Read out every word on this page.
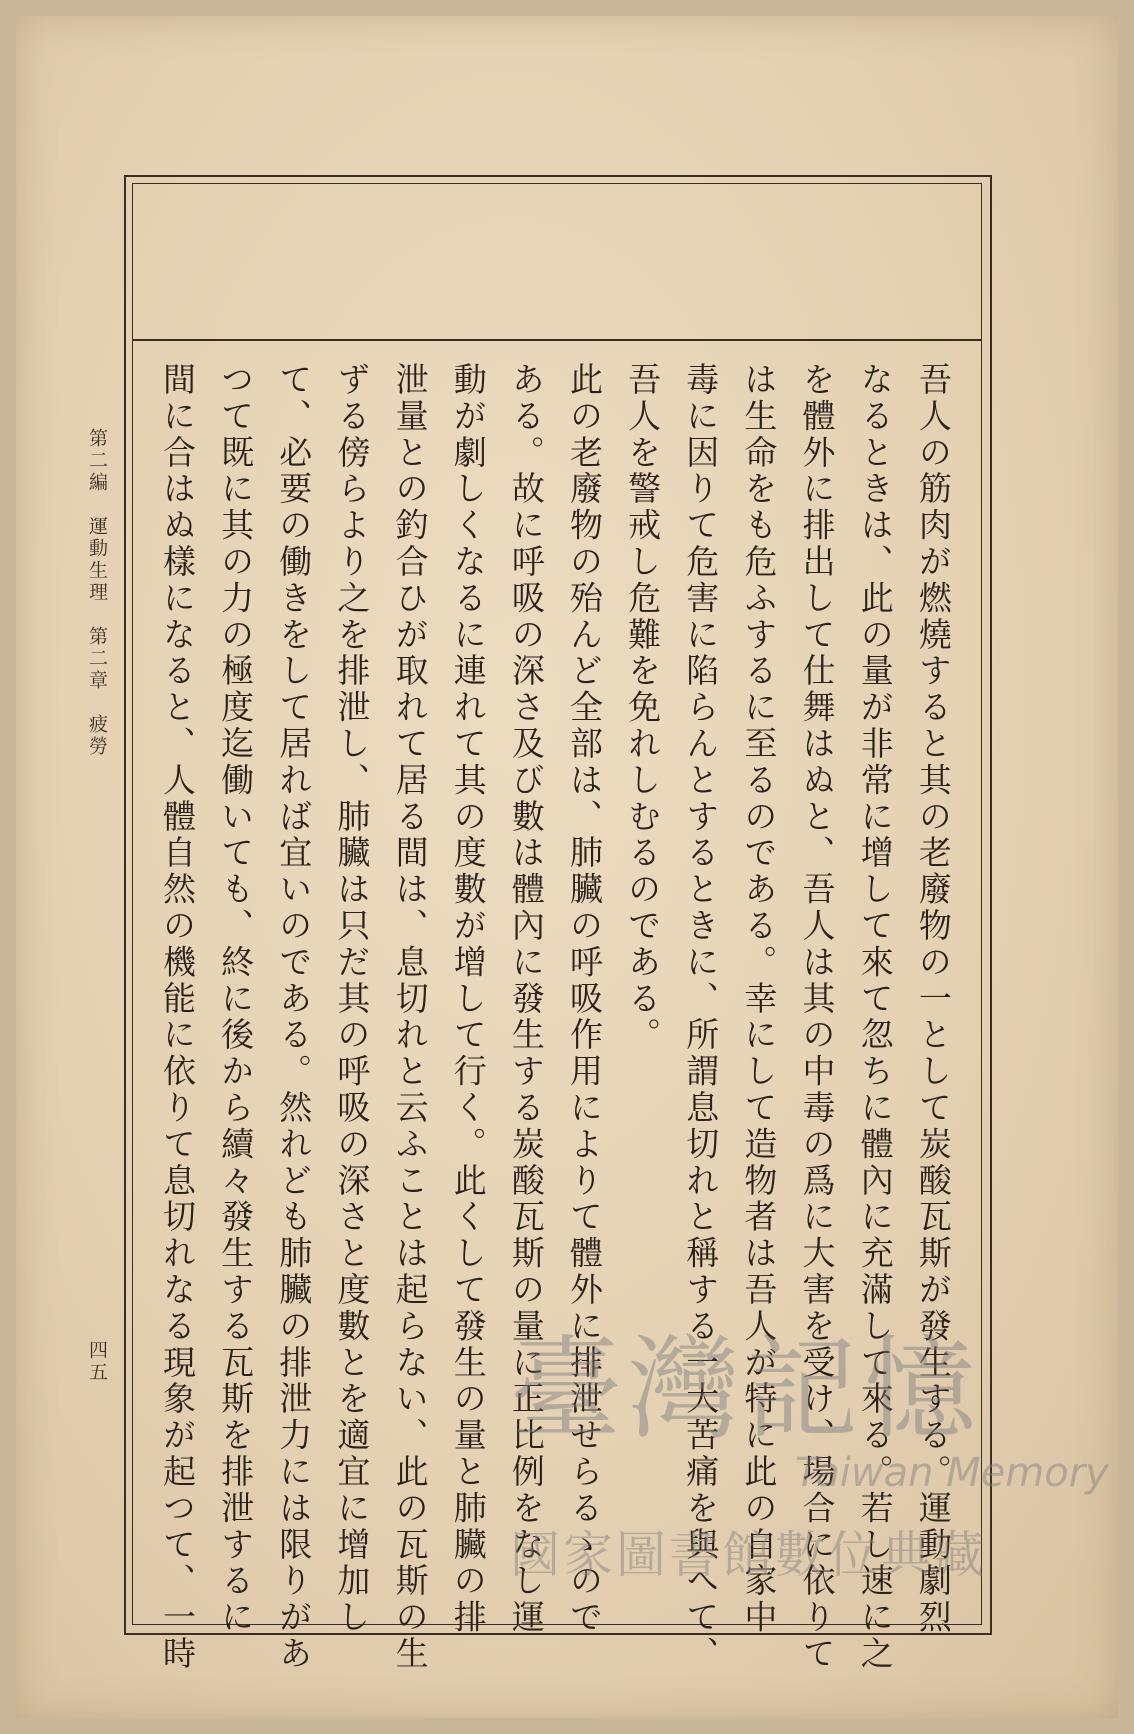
吾人の筋肉が燃燒すると其の老廢物の一として炭酸瓦斯が發生する。運動劇烈
なるときは、此の量が非常に增して來て忽ちに體內に充滿して來る。若し速に之
を體外に排出して仕舞はぬと、吾人は其の中毒の爲に大害を受け、場合に依りて
は生命をも危ふするに至るのである。幸にして造物者は吾人が特に此の自家中
毒に因りて危害に陷らんとするときに、所謂息切れと稱する一大苦痛を與へて、
吾人を警戒し危難を免れしむるのである。
此の老廢物の殆んど全部は、肺臟の呼吸作用によりて體外に排泄せらるゝので
ある。故に呼吸の深さ及び數は體內に發生する炭酸瓦斯の量に正比例をなし運
動が劇しくなるに連れて其の度數が增して行く。此くして發生の量と肺臟の排
泄量との釣合ひが取れて居る間は、息切れと云ふことは起らない、此の瓦斯の生
ずる傍らより之を排泄し、肺臟は只だ其の呼吸の深さと度數とを適宜に增加し
て、必要の働きをして居れば宜いのである。然れども肺臟の排泄力には限りがあ
つて既に其の力の極度迄働いても、終に後から續々發生する瓦斯を排泄するに
間に合はぬ樣になると、人體自然の機能に依りて息切れなる現象が起つて、一時
第二編　運動生理　第二章　疲勞
四五	臺灣記憶
Taiwan Memory
國家圖書館數位典藏
